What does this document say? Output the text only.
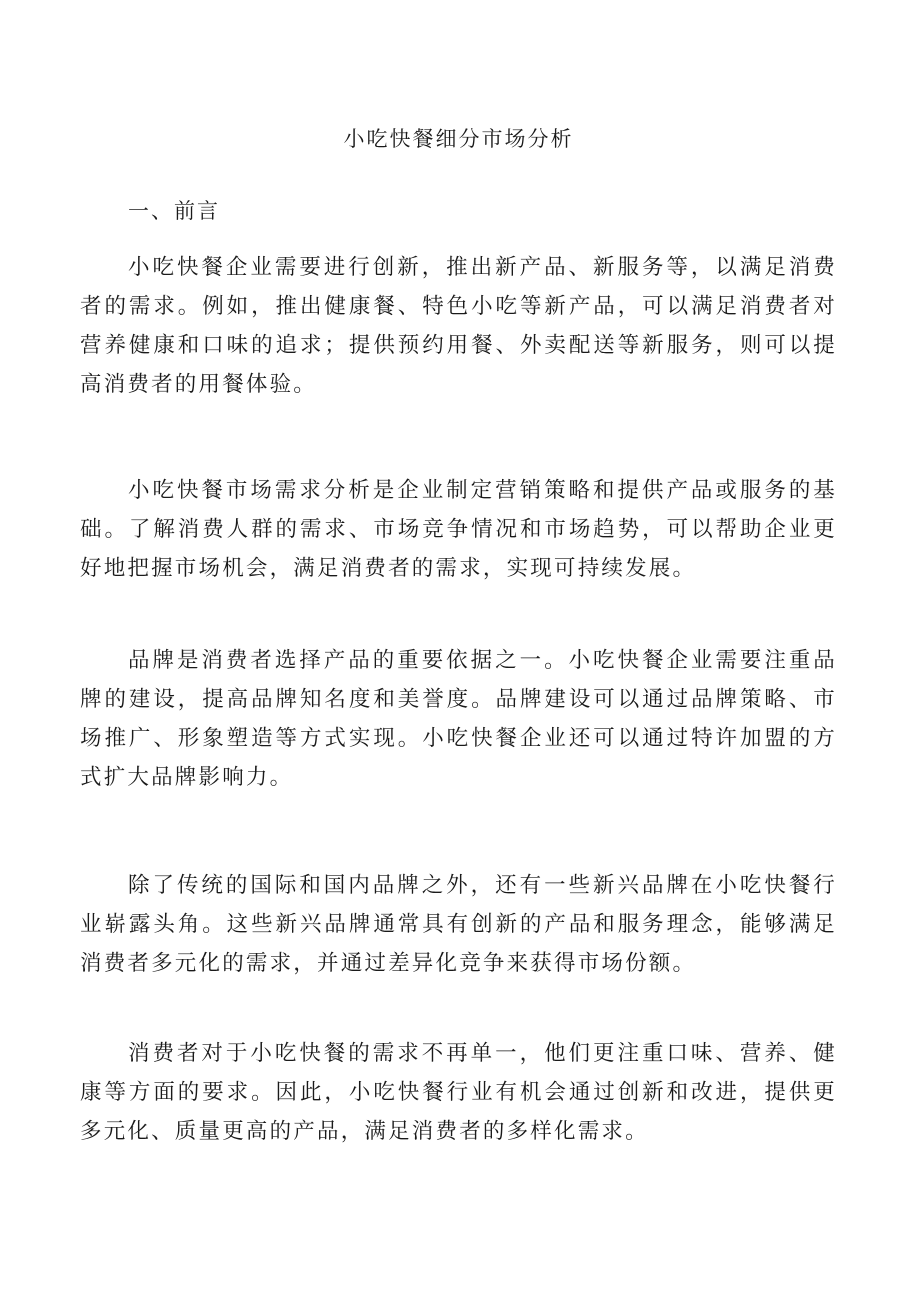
小吃快餐细分市场分析
一、前言

小吃快餐企业需要进行创新，推出新产品、新服务等，以满足消费者的需求。例如，推出健康餐、特色小吃等新产品，可以满足消费者对营养健康和口味的追求；提供预约用餐、外卖配送等新服务，则可以提高消费者的用餐体验。

小吃快餐市场需求分析是企业制定营销策略和提供产品或服务的基础。了解消费人群的需求、市场竞争情况和市场趋势，可以帮助企业更好地把握市场机会，满足消费者的需求，实现可持续发展。

品牌是消费者选择产品的重要依据之一。小吃快餐企业需要注重品牌的建设，提高品牌知名度和美誉度。品牌建设可以通过品牌策略、市场推广、形象塑造等方式实现。小吃快餐企业还可以通过特许加盟的方式扩大品牌影响力。

除了传统的国际和国内品牌之外，还有一些新兴品牌在小吃快餐行业崭露头角。这些新兴品牌通常具有创新的产品和服务理念，能够满足消费者多元化的需求，并通过差异化竞争来获得市场份额。

消费者对于小吃快餐的需求不再单一，他们更注重口味、营养、健康等方面的要求。因此，小吃快餐行业有机会通过创新和改进，提供更多元化、质量更高的产品，满足消费者的多样化需求。
